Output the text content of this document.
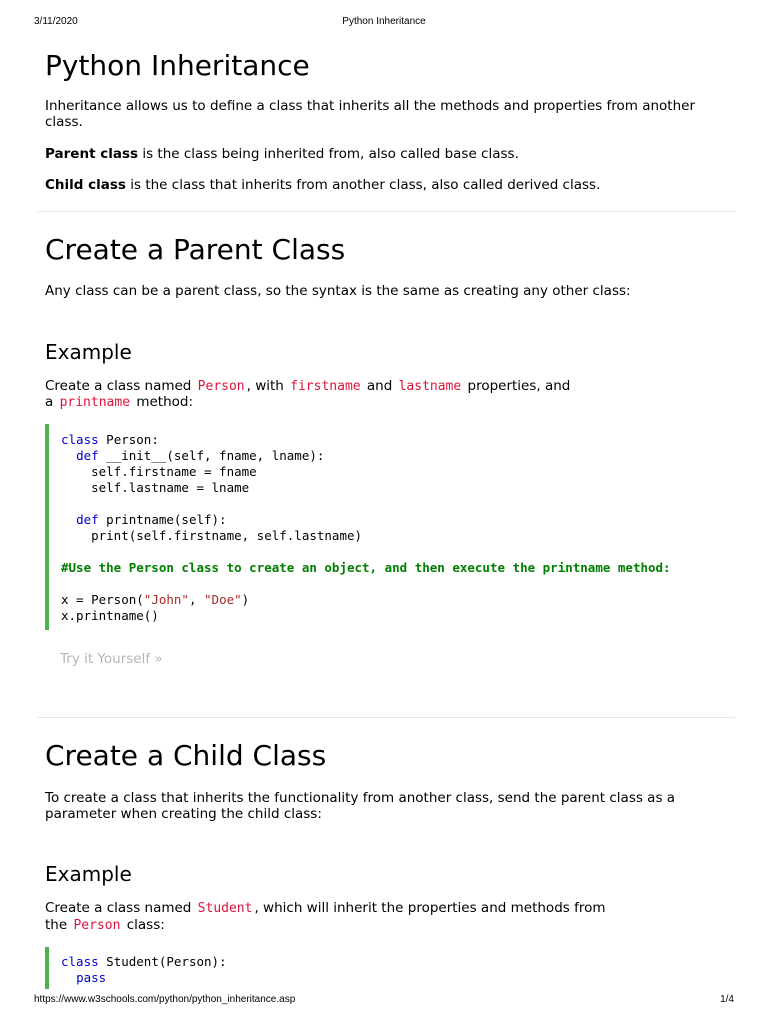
3/11/2020	Python Inheritance
Python Inheritance

Inheritance allows us to define a class that inherits all the methods and properties from another class.

Parent class is the class being inherited from, also called base class.

Child class is the class that inherits from another class, also called derived class.

Create a Parent Class

Any class can be a parent class, so the syntax is the same as creating any other class:

Example

Create a class named Person , with firstname and lastname properties, and

a printname method:

class Person:
def __init__(self, fname, lname):
self.firstname = fname
self.lastname = lname

def printname(self):
print(self.firstname, self.lastname)

#Use the Person class to create an object, and then execute the printname method:

x = Person("John", "Doe")
x.printname()
Try it Yourself »
Create a Child Class

To create a class that inherits the functionality from another class, send the parent class as a parameter when creating the child class:

Example

Create a class named Student , which will inherit the properties and methods from

the Person class:

class Student(Person):
pass
https://www.w3schools.com/python/python_inheritance.asp	1/4
